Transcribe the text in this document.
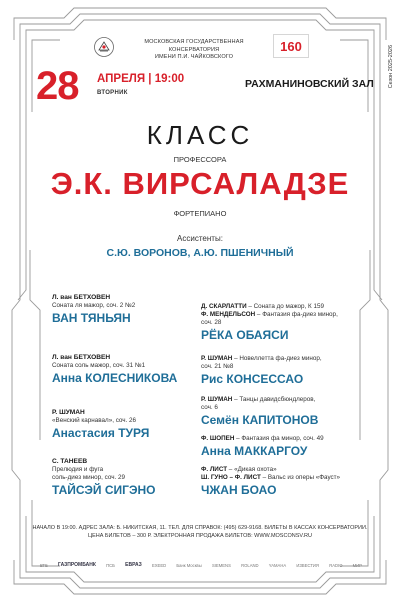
МОСКОВСКАЯ ГОСУДАРСТВЕННАЯ КОНСЕРВАТОРИЯ
ИМЕНИ П.И. ЧАЙКОВСКОГО
160	Сезон 2025-2026
28 АПРЕЛЯ | 19:00
ВТОРНИК
РАХМАНИНОВСКИЙ ЗАЛ
КЛАСС
ПРОФЕССОРА
Э.К. ВИРСАЛАДЗЕ
ФОРТЕПИАНО
Ассистенты:
С.Ю. ВОРОНОВ, А.Ю. ПШЕНИЧНЫЙ
Л. ван БЕТХОВЕН
Соната ля мажор, соч. 2 №2
ВАН ТЯНЬЯН
Л. ван БЕТХОВЕН
Соната соль мажор, соч. 31 №1
Анна КОЛЕСНИКОВА
Р. ШУМАН
«Венский карнавал», соч. 26
Анастасия ТУРЯ
С. ТАНЕЕВ
Прелюдия и фуга
соль-диез минор, соч. 29
ТАЙСЭЙ СИГЭНО
Д. СКАРЛАТТИ – Соната до мажор, К 159
Ф. МЕНДЕЛЬСОН – Фантазия фа-диез минор,
соч. 28
РЁКА ОБАЯСИ
Р. ШУМАН – Новеллетта фа-диез минор,
соч. 21 №8
Рис КОНСЕССАО
Р. ШУМАН – Танцы давидсбюндлеров,
соч. 6
Семён КАПИТОНОВ
Ф. ШОПЕН – Фантазия фа минор, соч. 49
Анна МАККАРГОУ
Ф. ЛИСТ – «Дикая охота»
Ш. ГУНО – Ф. ЛИСТ – Вальс из оперы «Фауст»
ЧЖАН БОАО
НАЧАЛО В 19:00. АДРЕС ЗАЛА: Б. НИКИТСКАЯ, 11. ТЕЛ. ДЛЯ СПРАВОК: (495) 629-9168. БИЛЕТЫ В КАССАХ КОНСЕРВАТОРИИ.
ЦЕНА БИЛЕТОВ – 300 Р. ЭЛЕКТРОННАЯ ПРОДАЖА БИЛЕТОВ: WWW.MOSCONSV.RU
ВТБ ГАЗПРОМБАНК ПСБ ЕВРАЗ EXEED Банк Москвы SIEMENS ROLAND YAMAHA ИЗВЕСТИЯ RADIO МИР
